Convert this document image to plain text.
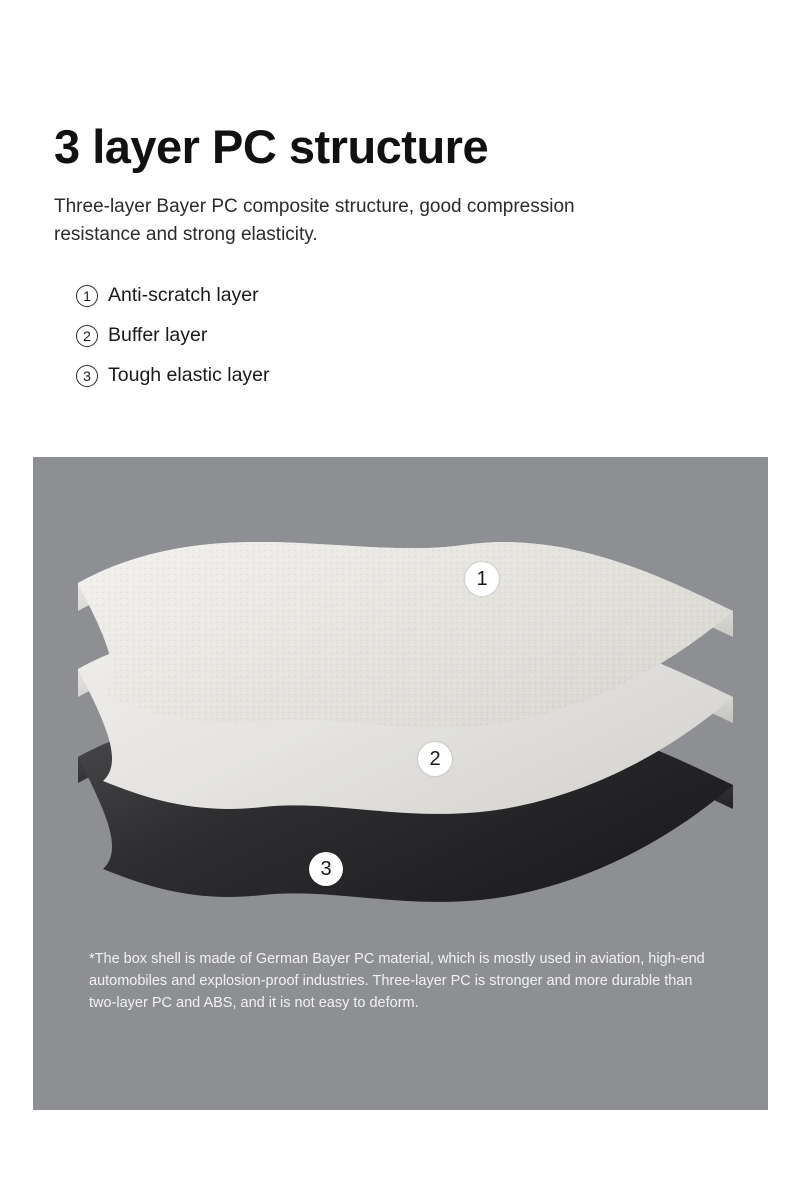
3 layer PC structure

Three-layer Bayer PC composite structure, good compression resistance and strong elasticity.

1 Anti-scratch layer
2 Buffer layer
3 Tough elastic layer
1
2
3
*The box shell is made of German Bayer PC material, which is mostly used in aviation, high-end automobiles and explosion-proof industries. Three-layer PC is stronger and more durable than two-layer PC and ABS, and it is not easy to deform.
